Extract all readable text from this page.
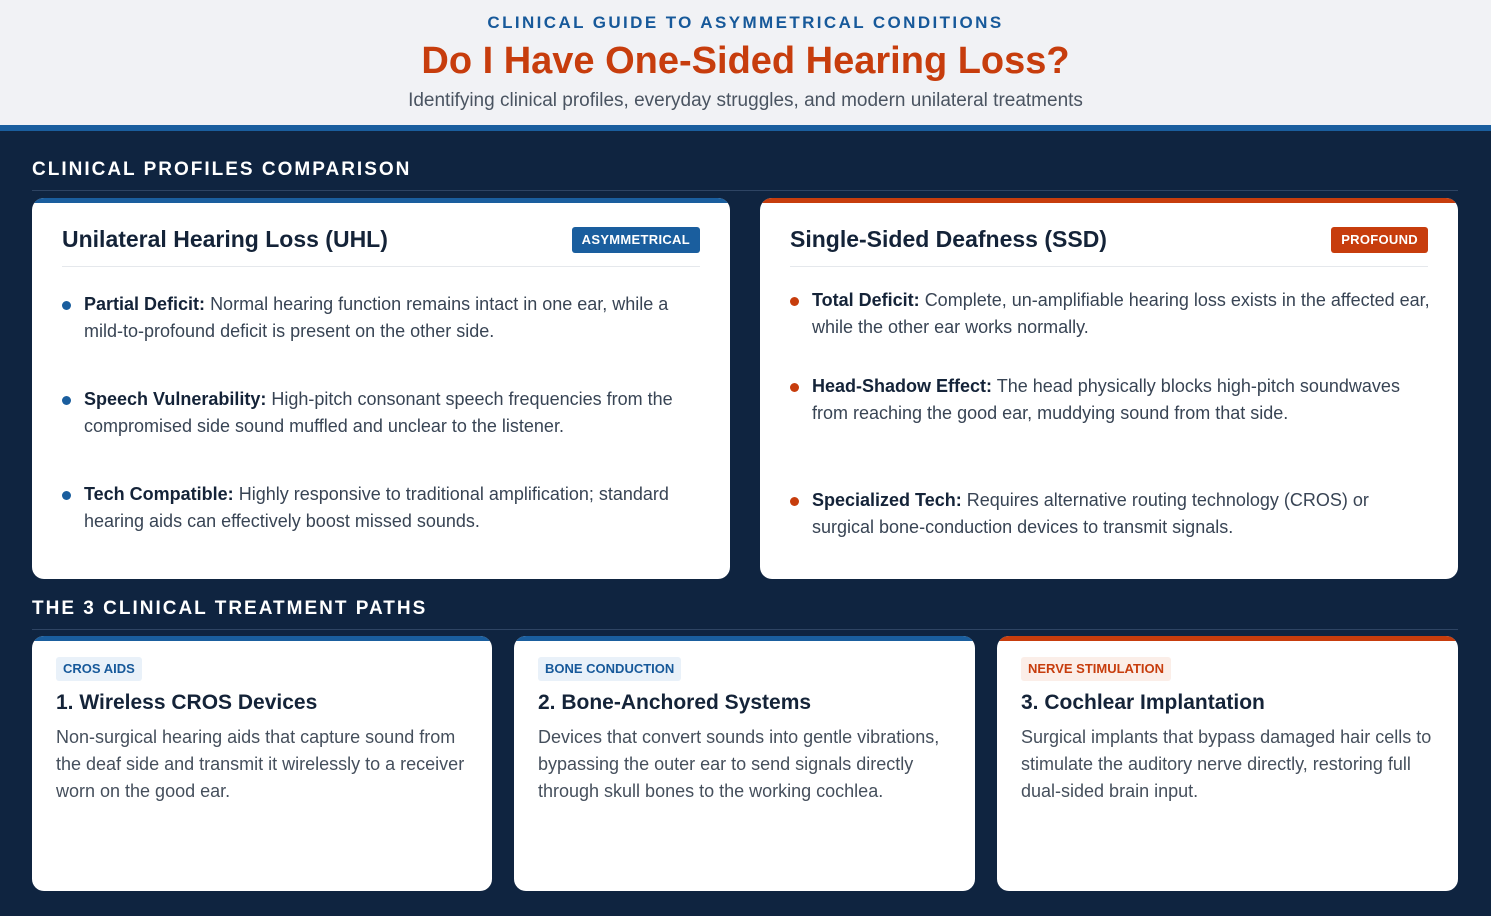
CLINICAL GUIDE TO ASYMMETRICAL CONDITIONS
Do I Have One-Sided Hearing Loss?
Identifying clinical profiles, everyday struggles, and modern unilateral treatments
CLINICAL PROFILES COMPARISON
Unilateral Hearing Loss (UHL)	ASYMMETRICAL
Partial Deficit: Normal hearing function remains intact in one ear, while a mild-to-profound deficit is present on the other side.
Speech Vulnerability: High-pitch consonant speech frequencies from the compromised side sound muffled and unclear to the listener.
Tech Compatible: Highly responsive to traditional amplification; standard hearing aids can effectively boost missed sounds.
Single-Sided Deafness (SSD)	PROFOUND
Total Deficit: Complete, un-amplifiable hearing loss exists in the affected ear, while the other ear works normally.
Head-Shadow Effect: The head physically blocks high-pitch soundwaves from reaching the good ear, muddying sound from that side.
Specialized Tech: Requires alternative routing technology (CROS) or surgical bone-conduction devices to transmit signals.
THE 3 CLINICAL TREATMENT PATHS
CROS AIDS
1. Wireless CROS Devices

Non-surgical hearing aids that capture sound from the deaf side and transmit it wirelessly to a receiver worn on the good ear.

BONE CONDUCTION
2. Bone-Anchored Systems

Devices that convert sounds into gentle vibrations, bypassing the outer ear to send signals directly through skull bones to the working cochlea.

NERVE STIMULATION
3. Cochlear Implantation

Surgical implants that bypass damaged hair cells to stimulate the auditory nerve directly, restoring full dual-sided brain input.
